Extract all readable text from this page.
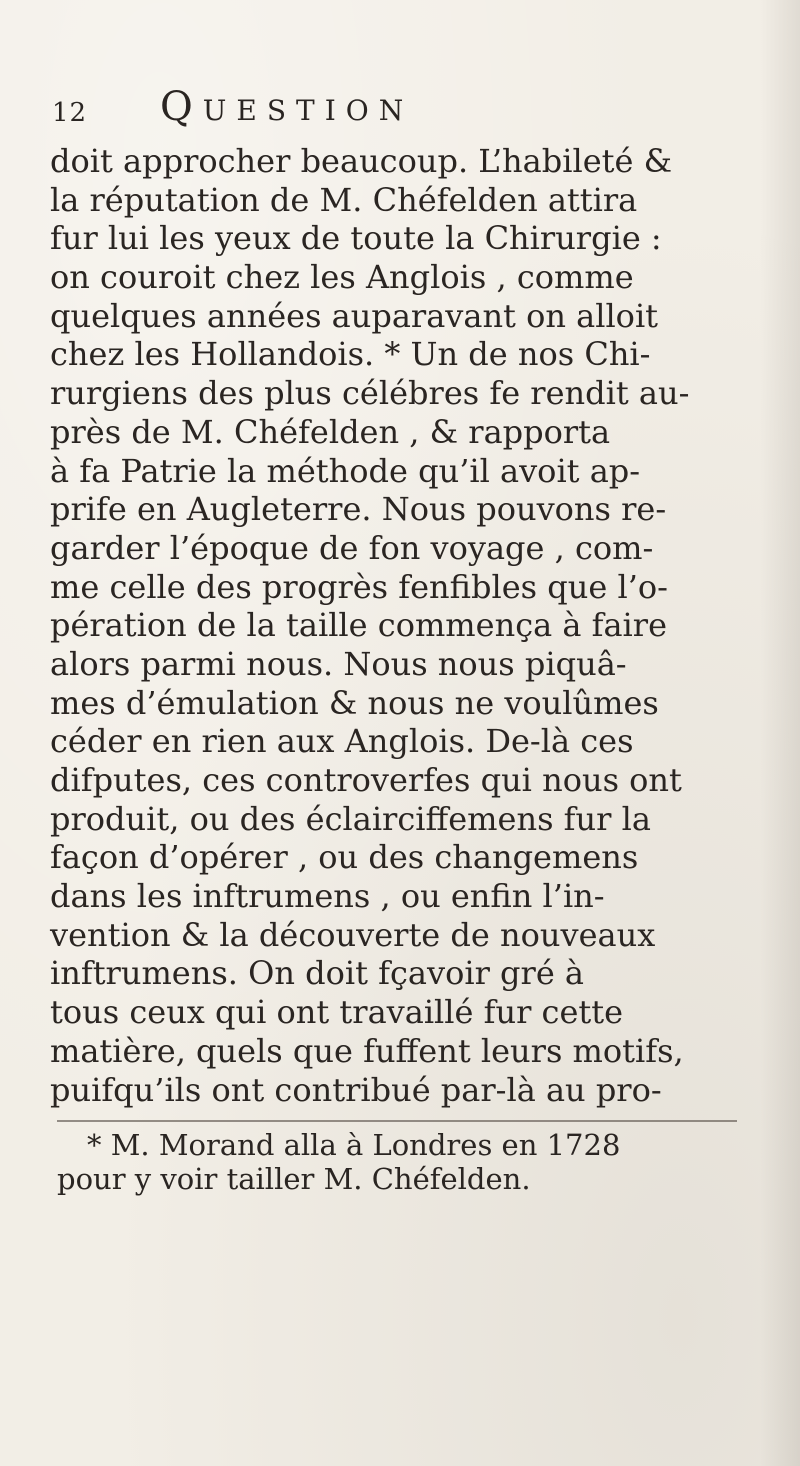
12 Question
doit approcher beaucoup. L’habileté &
la réputation de M. Chéfelden attira
fur lui les yeux de toute la Chirurgie :
on couroit chez les Anglois , comme
quelques années auparavant on alloit
chez les Hollandois. * Un de nos Chi-
rurgiens des plus célébres fe rendit au-
près de M. Chéfelden , & rapporta
à fa Patrie la méthode qu’il avoit ap-
prife en Augleterre. Nous pouvons re-
garder l’époque de fon voyage , com-
me celle des progrès fenfibles que l’o-
pération de la taille commença à faire
alors parmi nous. Nous nous piquâ-
mes d’émulation & nous ne voulûmes
céder en rien aux Anglois. De-là ces
difputes, ces controverfes qui nous ont
produit, ou des éclairciffemens fur la
façon d’opérer , ou des changemens
dans les inftrumens , ou enfin l’in-
vention & la découverte de nouveaux
inftrumens. On doit fçavoir gré à
tous ceux qui ont travaillé fur cette
matière, quels que fuffent leurs motifs,
puifqu’ils ont contribué par-là au pro-
* M. Morand alla à Londres en 1728
pour y voir tailler M. Chéfelden.
